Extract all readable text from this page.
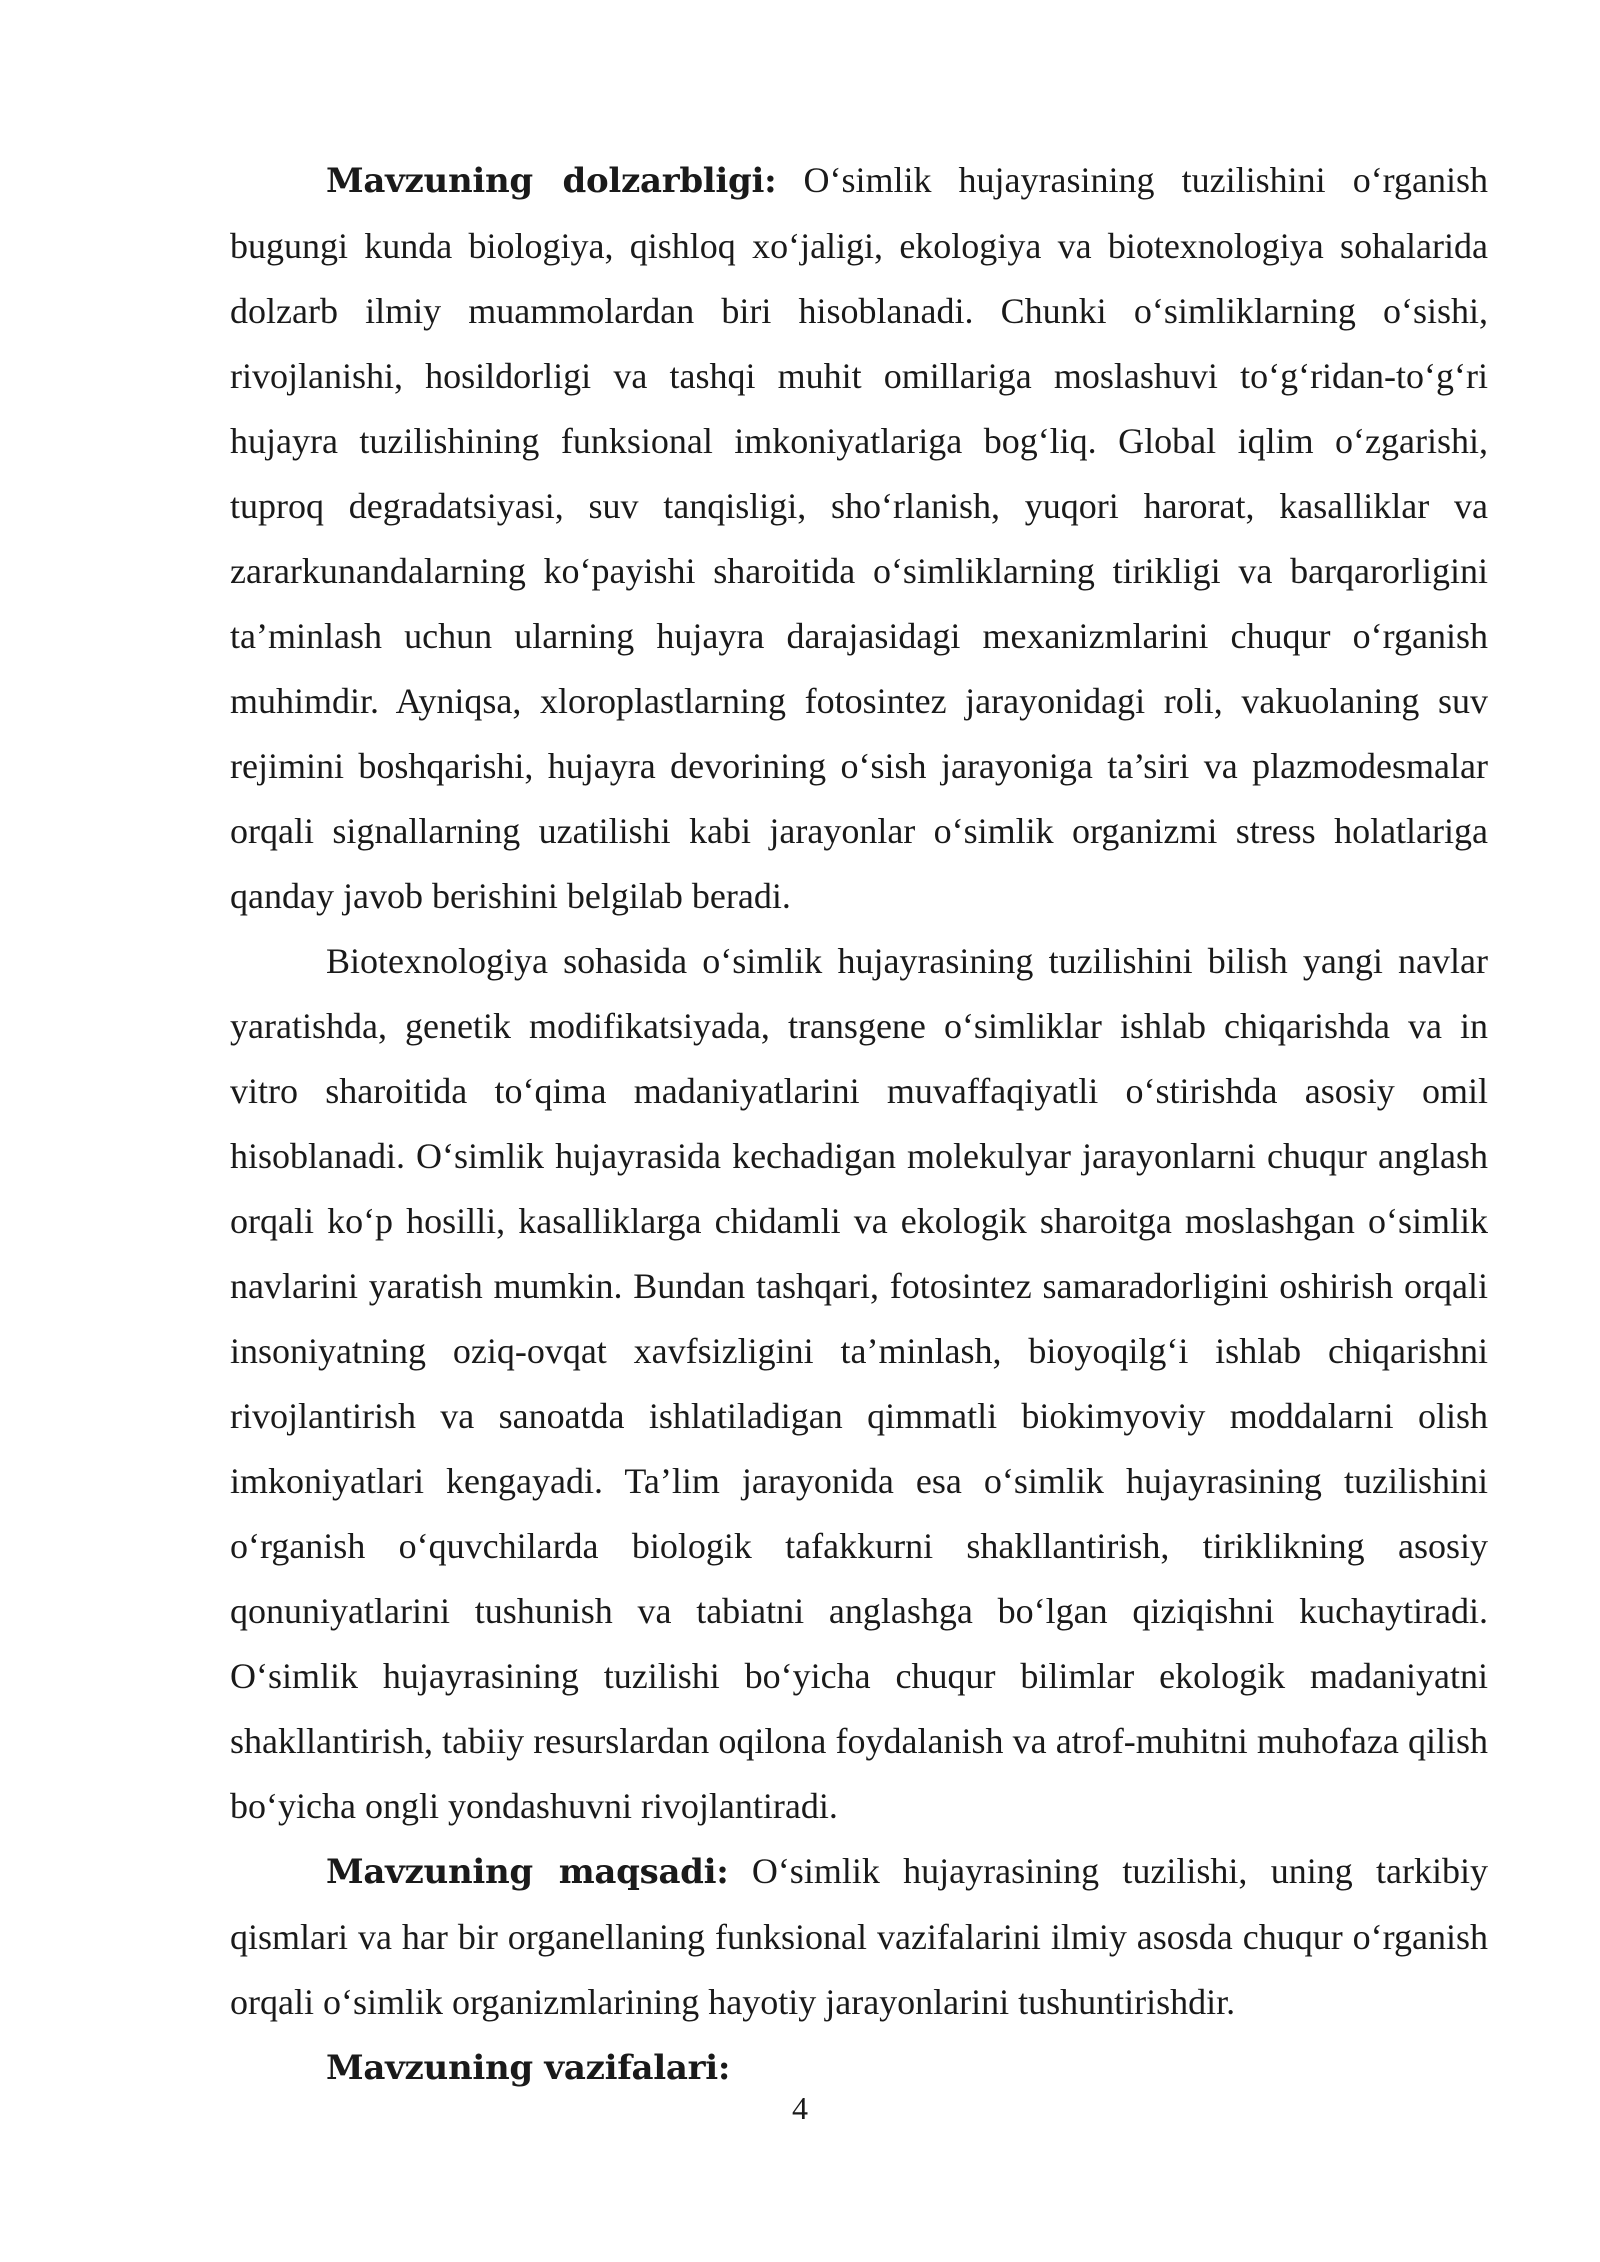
Mavzuning dolzarbligi: O‘simlik hujayrasining tuzilishini o‘rganish bugungi kunda biologiya, qishloq xo‘jaligi, ekologiya va biotexnologiya sohalarida dolzarb ilmiy muammolardan biri hisoblanadi. Chunki o‘simliklarning o‘sishi, rivojlanishi, hosildorligi va tashqi muhit omillariga moslashuvi to‘g‘ridan-to‘g‘ri hujayra tuzilishining funksional imkoniyatlariga bog‘liq. Global iqlim o‘zgarishi, tuproq degradatsiyasi, suv tanqisligi, sho‘rlanish, yuqori harorat, kasalliklar va zararkunandalarning ko‘payishi sharoitida o‘simliklarning tirikligi va barqarorligini ta’minlash uchun ularning hujayra darajasidagi mexanizmlarini chuqur o‘rganish muhimdir. Ayniqsa, xloroplastlarning fotosintez jarayonidagi roli, vakuolaning suv rejimini boshqarishi, hujayra devorining o‘sish jarayoniga ta’siri va plazmodesmalar orqali signallarning uzatilishi kabi jarayonlar o‘simlik organizmi stress holatlariga qanday javob berishini belgilab beradi.

Biotexnologiya sohasida o‘simlik hujayrasining tuzilishini bilish yangi navlar yaratishda, genetik modifikatsiyada, transgene o‘simliklar ishlab chiqarishda va in vitro sharoitida to‘qima madaniyatlarini muvaffaqiyatli o‘stirishda asosiy omil hisoblanadi. O‘simlik hujayrasida kechadigan molekulyar jarayonlarni chuqur anglash orqali ko‘p hosilli, kasalliklarga chidamli va ekologik sharoitga moslashgan o‘simlik navlarini yaratish mumkin. Bundan tashqari, fotosintez samaradorligini oshirish orqali insoniyatning oziq-ovqat xavfsizligini ta’minlash, bioyoqilg‘i ishlab chiqarishni rivojlantirish va sanoatda ishlatiladigan qimmatli biokimyoviy moddalarni olish imkoniyatlari kengayadi. Ta’lim jarayonida esa o‘simlik hujayrasining tuzilishini o‘rganish o‘quvchilarda biologik tafakkurni shakllantirish, tiriklikning asosiy qonuniyatlarini tushunish va tabiatni anglashga bo‘lgan qiziqishni kuchaytiradi. O‘simlik hujayrasining tuzilishi bo‘yicha chuqur bilimlar ekologik madaniyatni shakllantirish, tabiiy resurslardan oqilona foydalanish va atrof-muhitni muhofaza qilish bo‘yicha ongli yondashuvni rivojlantiradi.

Mavzuning maqsadi: O‘simlik hujayrasining tuzilishi, uning tarkibiy qismlari va har bir organellaning funksional vazifalarini ilmiy asosda chuqur o‘rganish orqali o‘simlik organizmlarining hayotiy jarayonlarini tushuntirishdir.

Mavzuning vazifalari:

4
